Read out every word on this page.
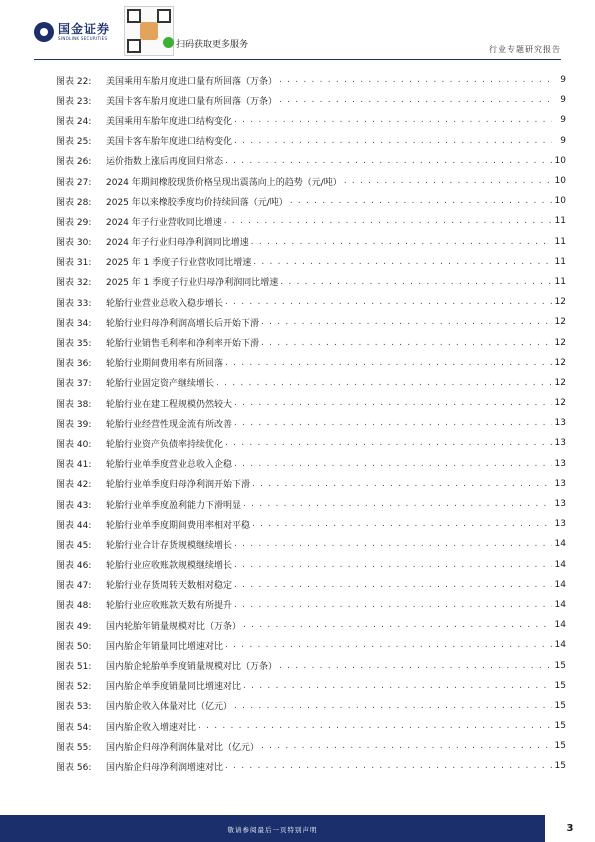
国金证券
SINOLINK SECURITIES
扫码获取更多服务	行业专题研究报告
图表 22:	美国乘用车胎月度进口量有所回落（万条） . . .	9
图表 23:	美国卡客车胎月度进口量有所回落（万条） . . .	9
图表 24:	美国乘用车胎年度进口结构变化 . . .	9
图表 25:	美国卡客车胎年度进口结构变化 . . .	9
图表 26:	运价指数上涨后再度回归常态 . . .	10
图表 27:	2024 年期间橡胶现货价格呈现出震荡向上的趋势（元/吨） . . .	10
图表 28:	2025 年以来橡胶季度均价持续回落（元/吨） . . .	10
图表 29:	2024 年子行业营收同比增速 . . .	11
图表 30:	2024 年子行业归母净利润同比增速 . . .	11
图表 31:	2025 年 1 季度子行业营收同比增速 . . .	11
图表 32:	2025 年 1 季度子行业归母净利润同比增速 . . .	11
图表 33:	轮胎行业营业总收入稳步增长 . . .	12
图表 34:	轮胎行业归母净利润高增长后开始下滑 . . .	12
图表 35:	轮胎行业销售毛利率和净利率开始下滑 . . .	12
图表 36:	轮胎行业期间费用率有所回落 . . .	12
图表 37:	轮胎行业固定资产继续增长 . . .	12
图表 38:	轮胎行业在建工程规模仍然较大 . . .	12
图表 39:	轮胎行业经营性现金流有所改善 . . .	13
图表 40:	轮胎行业资产负债率持续优化 . . .	13
图表 41:	轮胎行业单季度营业总收入企稳 . . .	13
图表 42:	轮胎行业单季度归母净利润开始下滑 . . .	13
图表 43:	轮胎行业单季度盈利能力下滑明显 . . .	13
图表 44:	轮胎行业单季度期间费用率相对平稳 . . .	13
图表 45:	轮胎行业合计存货规模继续增长 . . .	14
图表 46:	轮胎行业应收账款规模继续增长 . . .	14
图表 47:	轮胎行业存货周转天数相对稳定 . . .	14
图表 48:	轮胎行业应收账款天数有所提升 . . .	14
图表 49:	国内轮胎年销量规模对比（万条） . . .	14
图表 50:	国内胎企年销量同比增速对比 . . .	14
图表 51:	国内胎企轮胎单季度销量规模对比（万条） . . .	15
图表 52:	国内胎企单季度销量同比增速对比 . . .	15
图表 53:	国内胎企收入体量对比（亿元） . . .	15
图表 54:	国内胎企收入增速对比 . . .	15
图表 55:	国内胎企归母净利润体量对比（亿元） . . .	15
图表 56:	国内胎企归母净利润增速对比 . . .	15
敬请参阅最后一页特别声明	3
